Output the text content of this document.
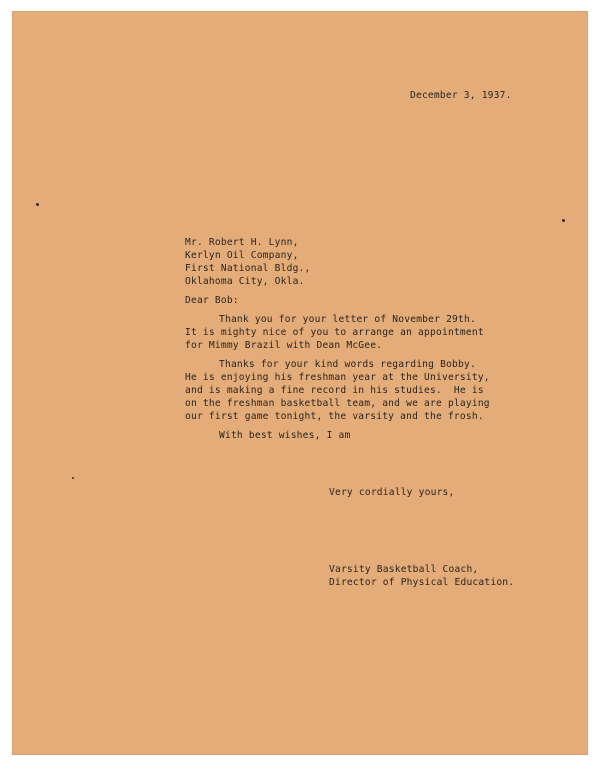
December 3, 1937.

Mr. Robert H. Lynn,

Kerlyn Oil Company,

First National Bldg.,

Oklahoma City, Okla.

Dear Bob:

Thank you for your letter of November 29th.

It is mighty nice of you to arrange an appointment

for Mimmy Brazil with Dean McGee.

Thanks for your kind words regarding Bobby.

He is enjoying his freshman year at the University,

and is making a fine record in his studies.  He is

on the freshman basketball team, and we are playing

our first game tonight, the varsity and the frosh.

With best wishes, I am

Very cordially yours,

Varsity Basketball Coach,

Director of Physical Education.
